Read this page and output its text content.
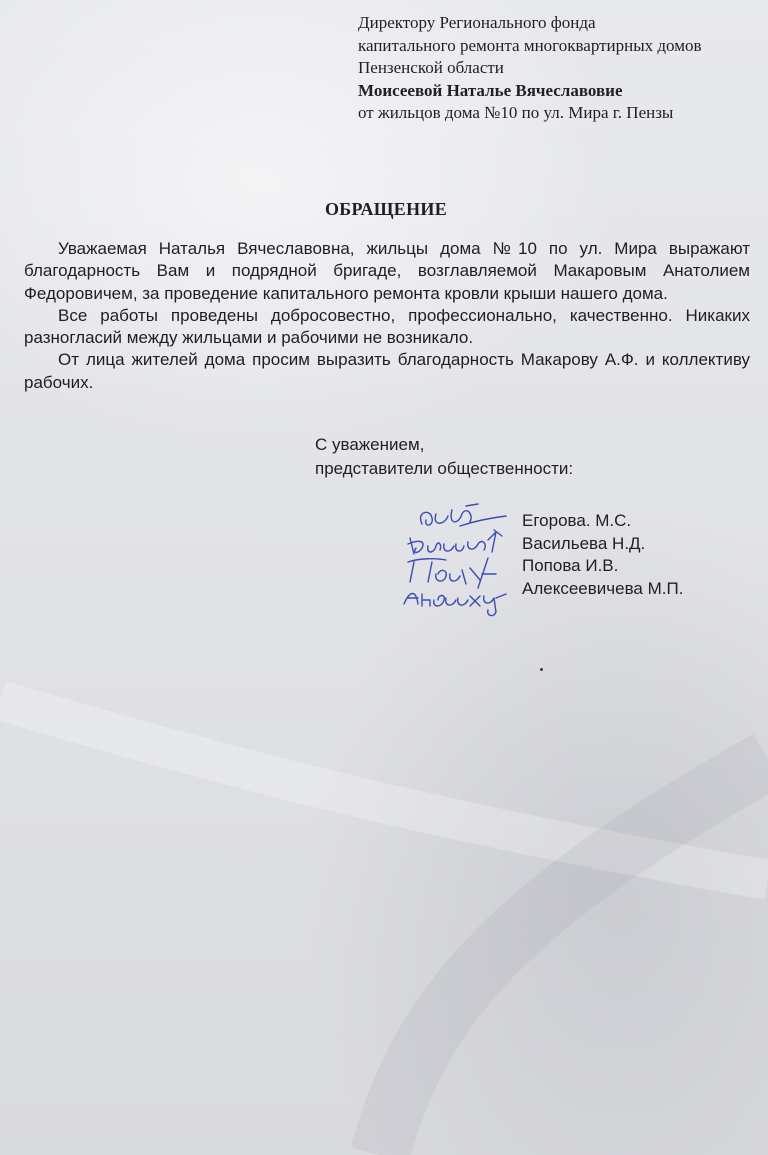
Директору Регионального фонда
капитального ремонта многоквартирных домов
Пензенской области
Моисеевой Наталье Вячеславовие
от жильцов дома №10 по ул. Мира г. Пензы
ОБРАЩЕНИЕ

Уважаемая Наталья Вячеславовна, жильцы дома №10 по ул. Мира выражают благодарность Вам и подрядной бригаде, возглавляемой Макаровым Анатолием Федоровичем, за проведение капитального ремонта кровли крыши нашего дома.

Все работы проведены добросовестно, профессионально, качественно. Никаких разногласий между жильцами и рабочими не возникало.

От лица жителей дома просим выразить благодарность Макарову А.Ф. и коллективу рабочих.

С уважением,
представители общественности:
Егорова. М.С.
Васильева Н.Д.
Попова И.В.
Алексеевичева М.П.
